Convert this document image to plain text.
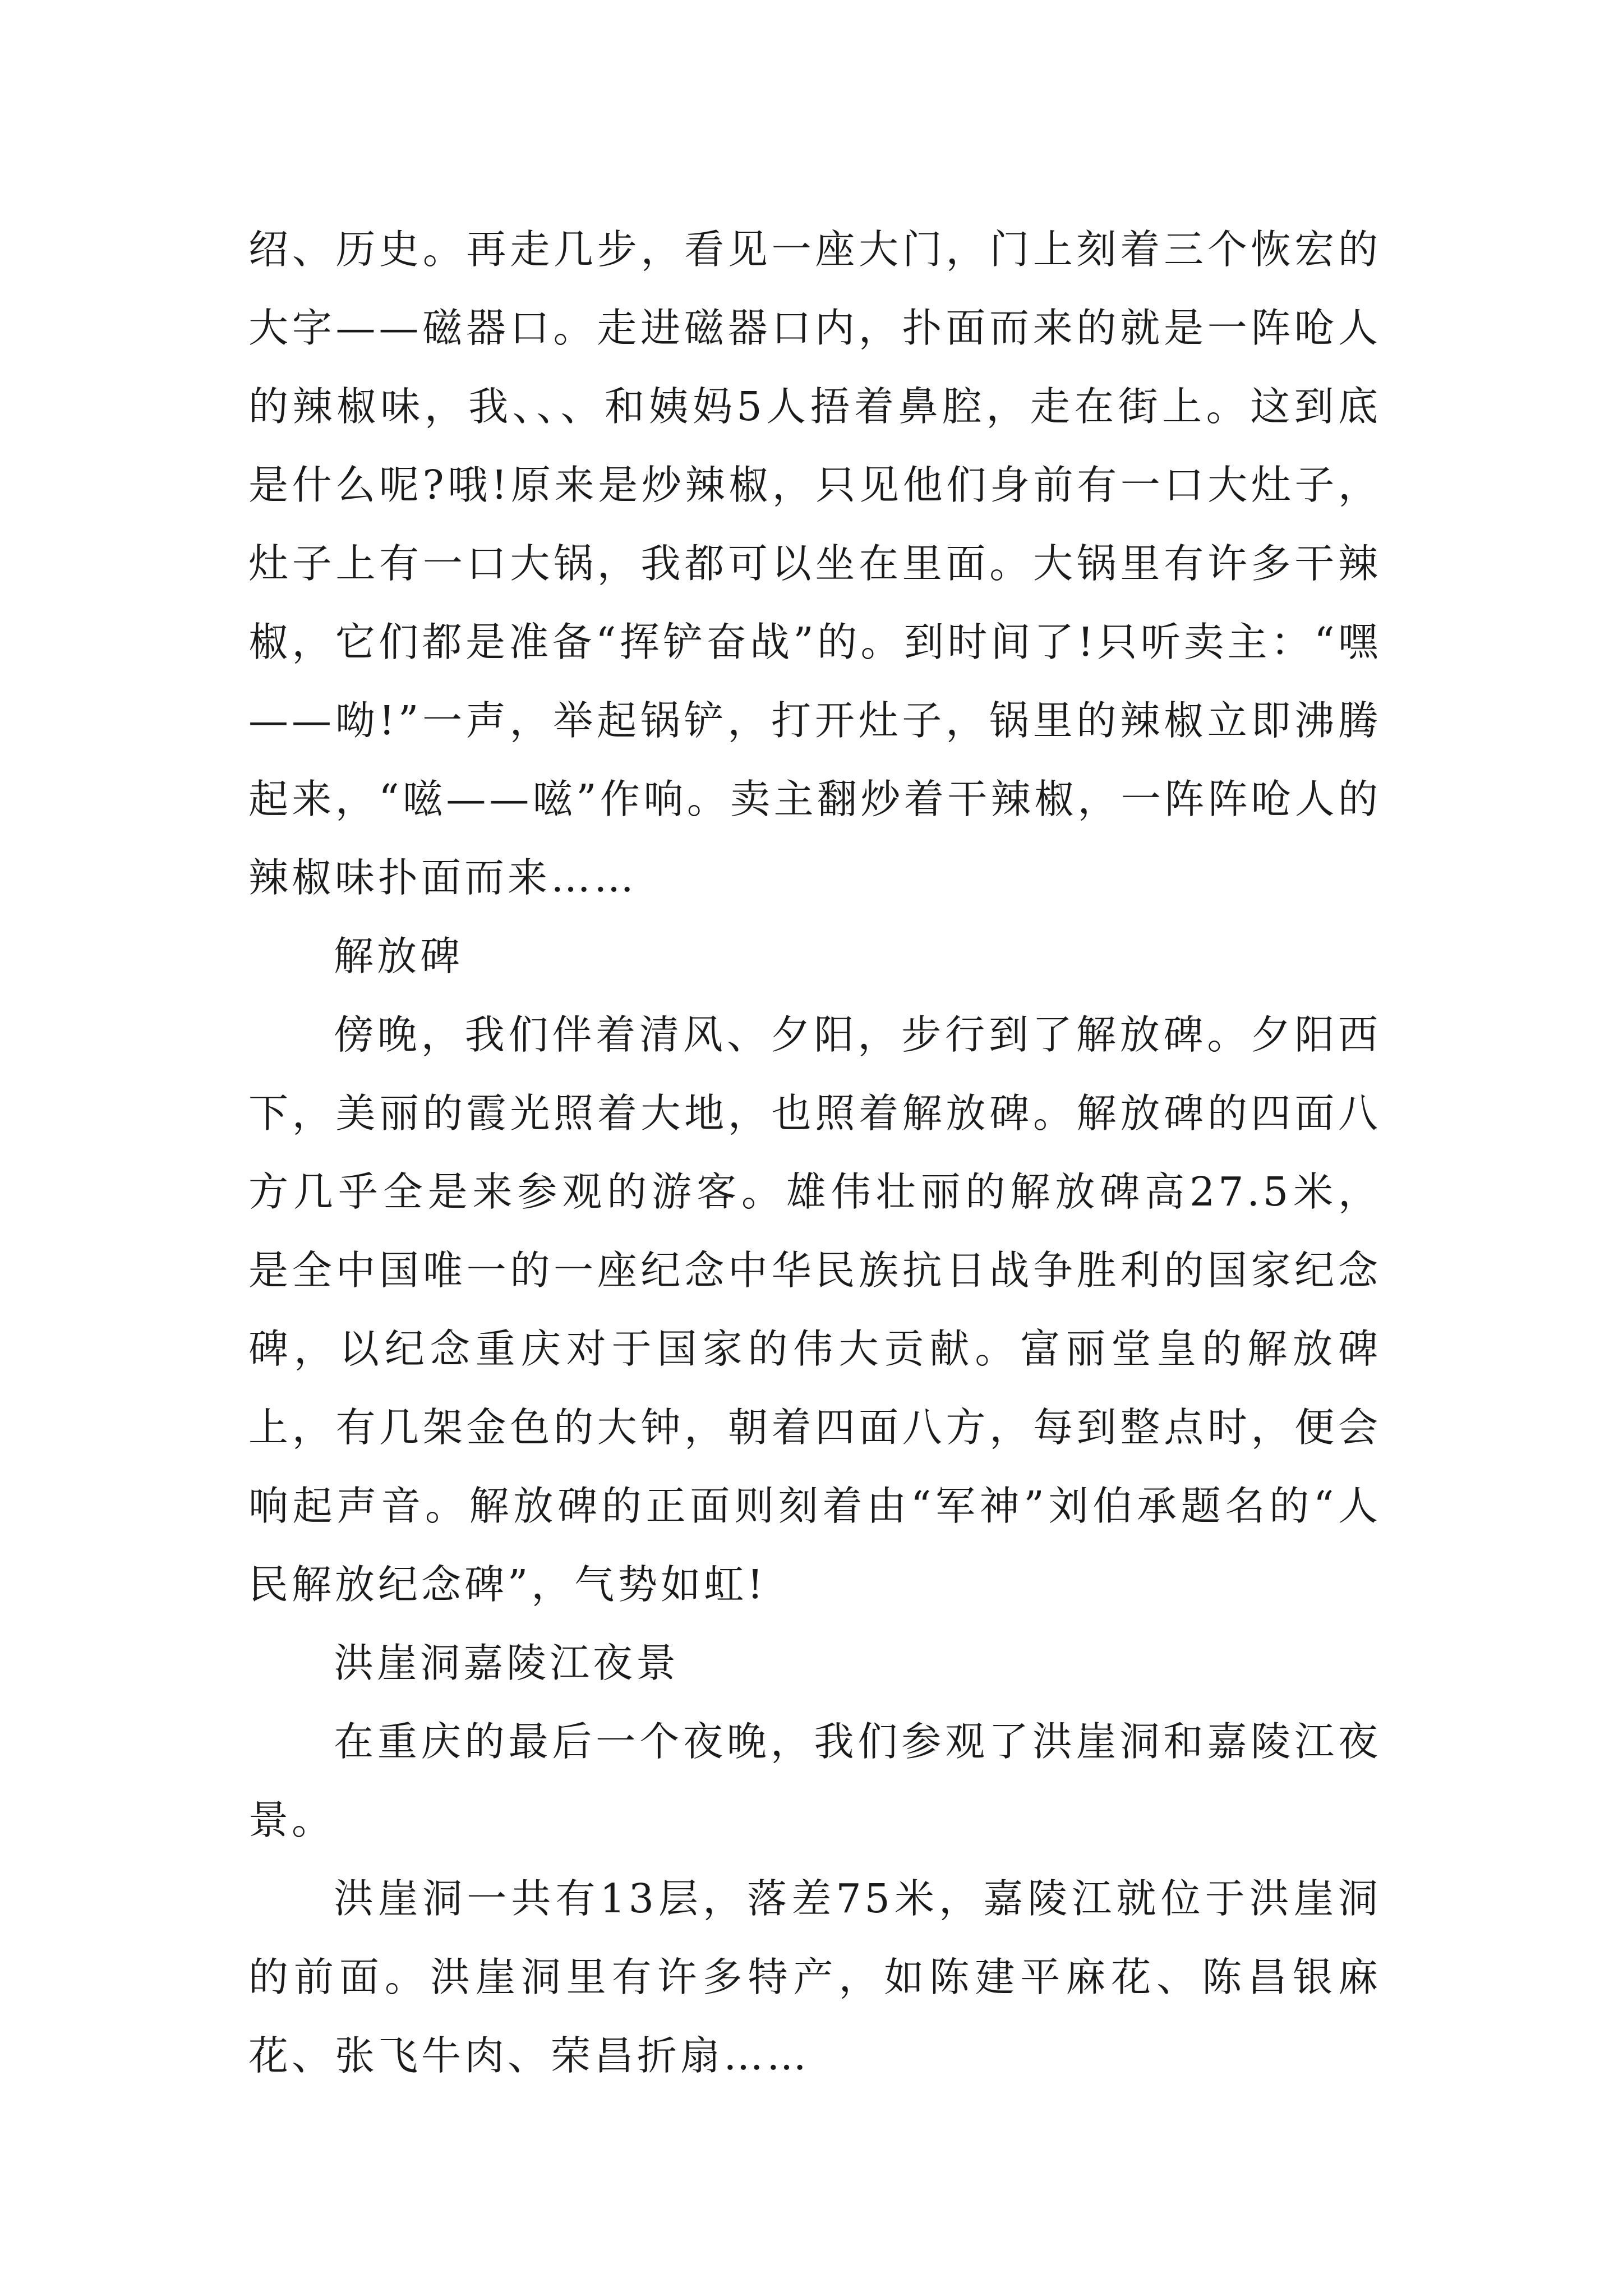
绍、历史。再走几步，看见一座大门，门上刻着三个恢宏的大字——磁器口。走进磁器口内，扑面而来的就是一阵呛人的辣椒味，我、、、和姨妈5人捂着鼻腔，走在街上。这到底是什么呢?哦!原来是炒辣椒，只见他们身前有一口大灶子，灶子上有一口大锅，我都可以坐在里面。大锅里有许多干辣椒，它们都是准备“挥铲奋战”的。到时间了!只听卖主：“嘿——呦!”一声，举起锅铲，打开灶子，锅里的辣椒立即沸腾起来，“嗞——嗞”作响。卖主翻炒着干辣椒，一阵阵呛人的辣椒味扑面而来……

解放碑

傍晚，我们伴着清风、夕阳，步行到了解放碑。夕阳西下，美丽的霞光照着大地，也照着解放碑。解放碑的四面八方几乎全是来参观的游客。雄伟壮丽的解放碑高27.5米，是全中国唯一的一座纪念中华民族抗日战争胜利的国家纪念碑，以纪念重庆对于国家的伟大贡献。富丽堂皇的解放碑上，有几架金色的大钟，朝着四面八方，每到整点时，便会响起声音。解放碑的正面则刻着由“军神”刘伯承题名的“人民解放纪念碑”，气势如虹!

洪崖洞嘉陵江夜景

在重庆的最后一个夜晚，我们参观了洪崖洞和嘉陵江夜景。

洪崖洞一共有13层，落差75米，嘉陵江就位于洪崖洞的前面。洪崖洞里有许多特产，如陈建平麻花、陈昌银麻花、张飞牛肉、荣昌折扇……
